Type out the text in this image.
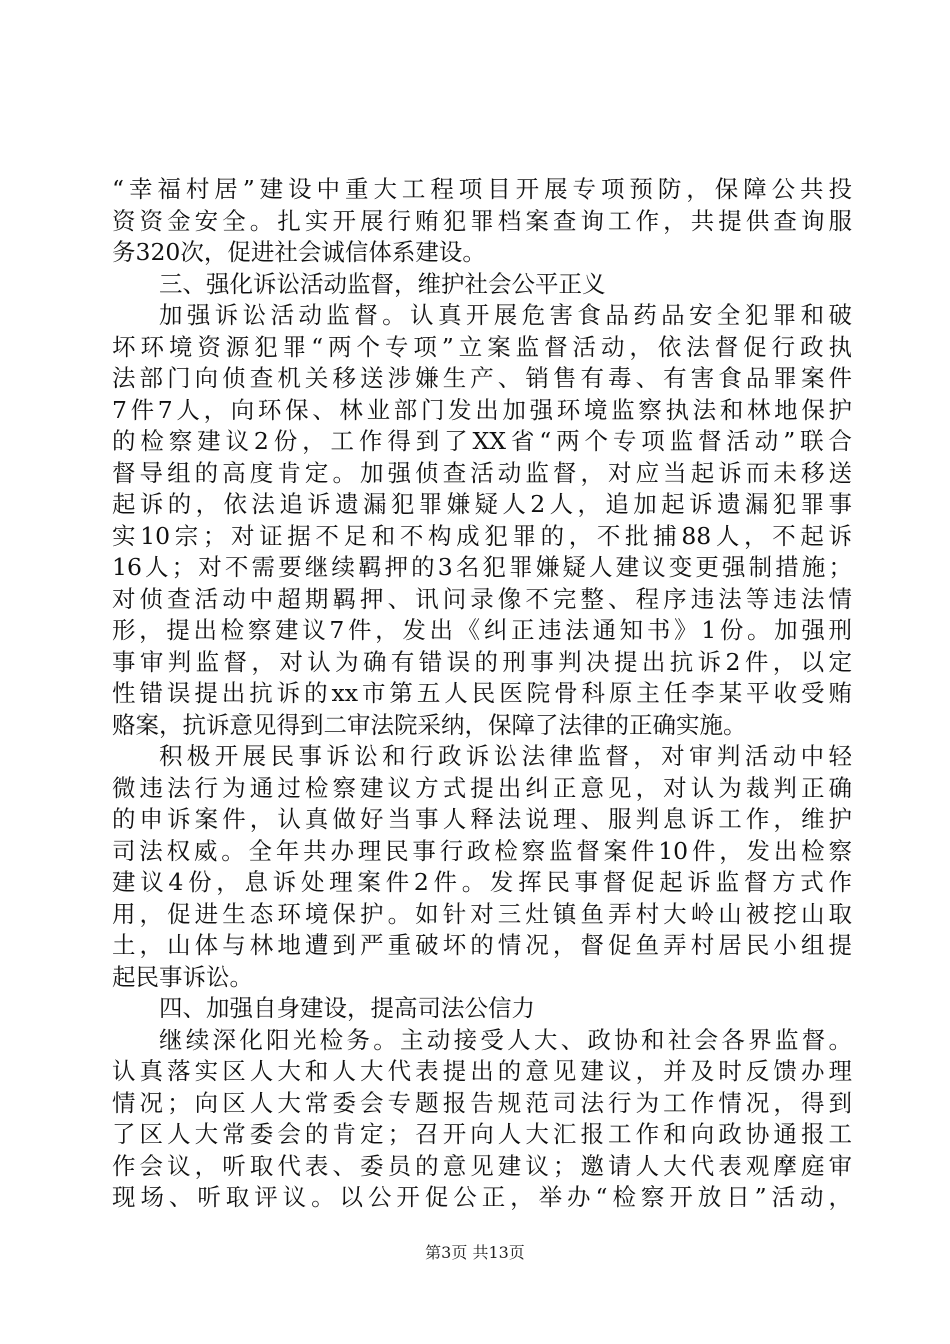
“幸福村居”建设中重大工程项目开展专项预防，保障公共投
资资金安全。扎实开展行贿犯罪档案查询工作，共提供查询服
务320次，促进社会诚信体系建设。
三、强化诉讼活动监督，维护社会公平正义
加强诉讼活动监督。认真开展危害食品药品安全犯罪和破
坏环境资源犯罪“两个专项”立案监督活动，依法督促行政执
法部门向侦查机关移送涉嫌生产、销售有毒、有害食品罪案件
7件7人，向环保、林业部门发出加强环境监察执法和林地保护
的检察建议2份，工作得到了XX省“两个专项监督活动”联合
督导组的高度肯定。加强侦查活动监督，对应当起诉而未移送
起诉的，依法追诉遗漏犯罪嫌疑人2人，追加起诉遗漏犯罪事
实10宗；对证据不足和不构成犯罪的，不批捕88人，不起诉
16人；对不需要继续羁押的3名犯罪嫌疑人建议变更强制措施；
对侦查活动中超期羁押、讯问录像不完整、程序违法等违法情
形，提出检察建议7件，发出《纠正违法通知书》1份。加强刑
事审判监督，对认为确有错误的刑事判决提出抗诉2件，以定
性错误提出抗诉的xx市第五人民医院骨科原主任李某平收受贿
赂案，抗诉意见得到二审法院采纳，保障了法律的正确实施。
积极开展民事诉讼和行政诉讼法律监督，对审判活动中轻
微违法行为通过检察建议方式提出纠正意见，对认为裁判正确
的申诉案件，认真做好当事人释法说理、服判息诉工作，维护
司法权威。全年共办理民事行政检察监督案件10件，发出检察
建议4份，息诉处理案件2件。发挥民事督促起诉监督方式作
用，促进生态环境保护。如针对三灶镇鱼弄村大岭山被挖山取
土，山体与林地遭到严重破坏的情况，督促鱼弄村居民小组提
起民事诉讼。
四、加强自身建设，提高司法公信力
继续深化阳光检务。主动接受人大、政协和社会各界监督。
认真落实区人大和人大代表提出的意见建议，并及时反馈办理
情况；向区人大常委会专题报告规范司法行为工作情况，得到
了区人大常委会的肯定；召开向人大汇报工作和向政协通报工
作会议，听取代表、委员的意见建议；邀请人大代表观摩庭审
现场、听取评议。以公开促公正，举办“检察开放日”活动，
第3页 共13页
